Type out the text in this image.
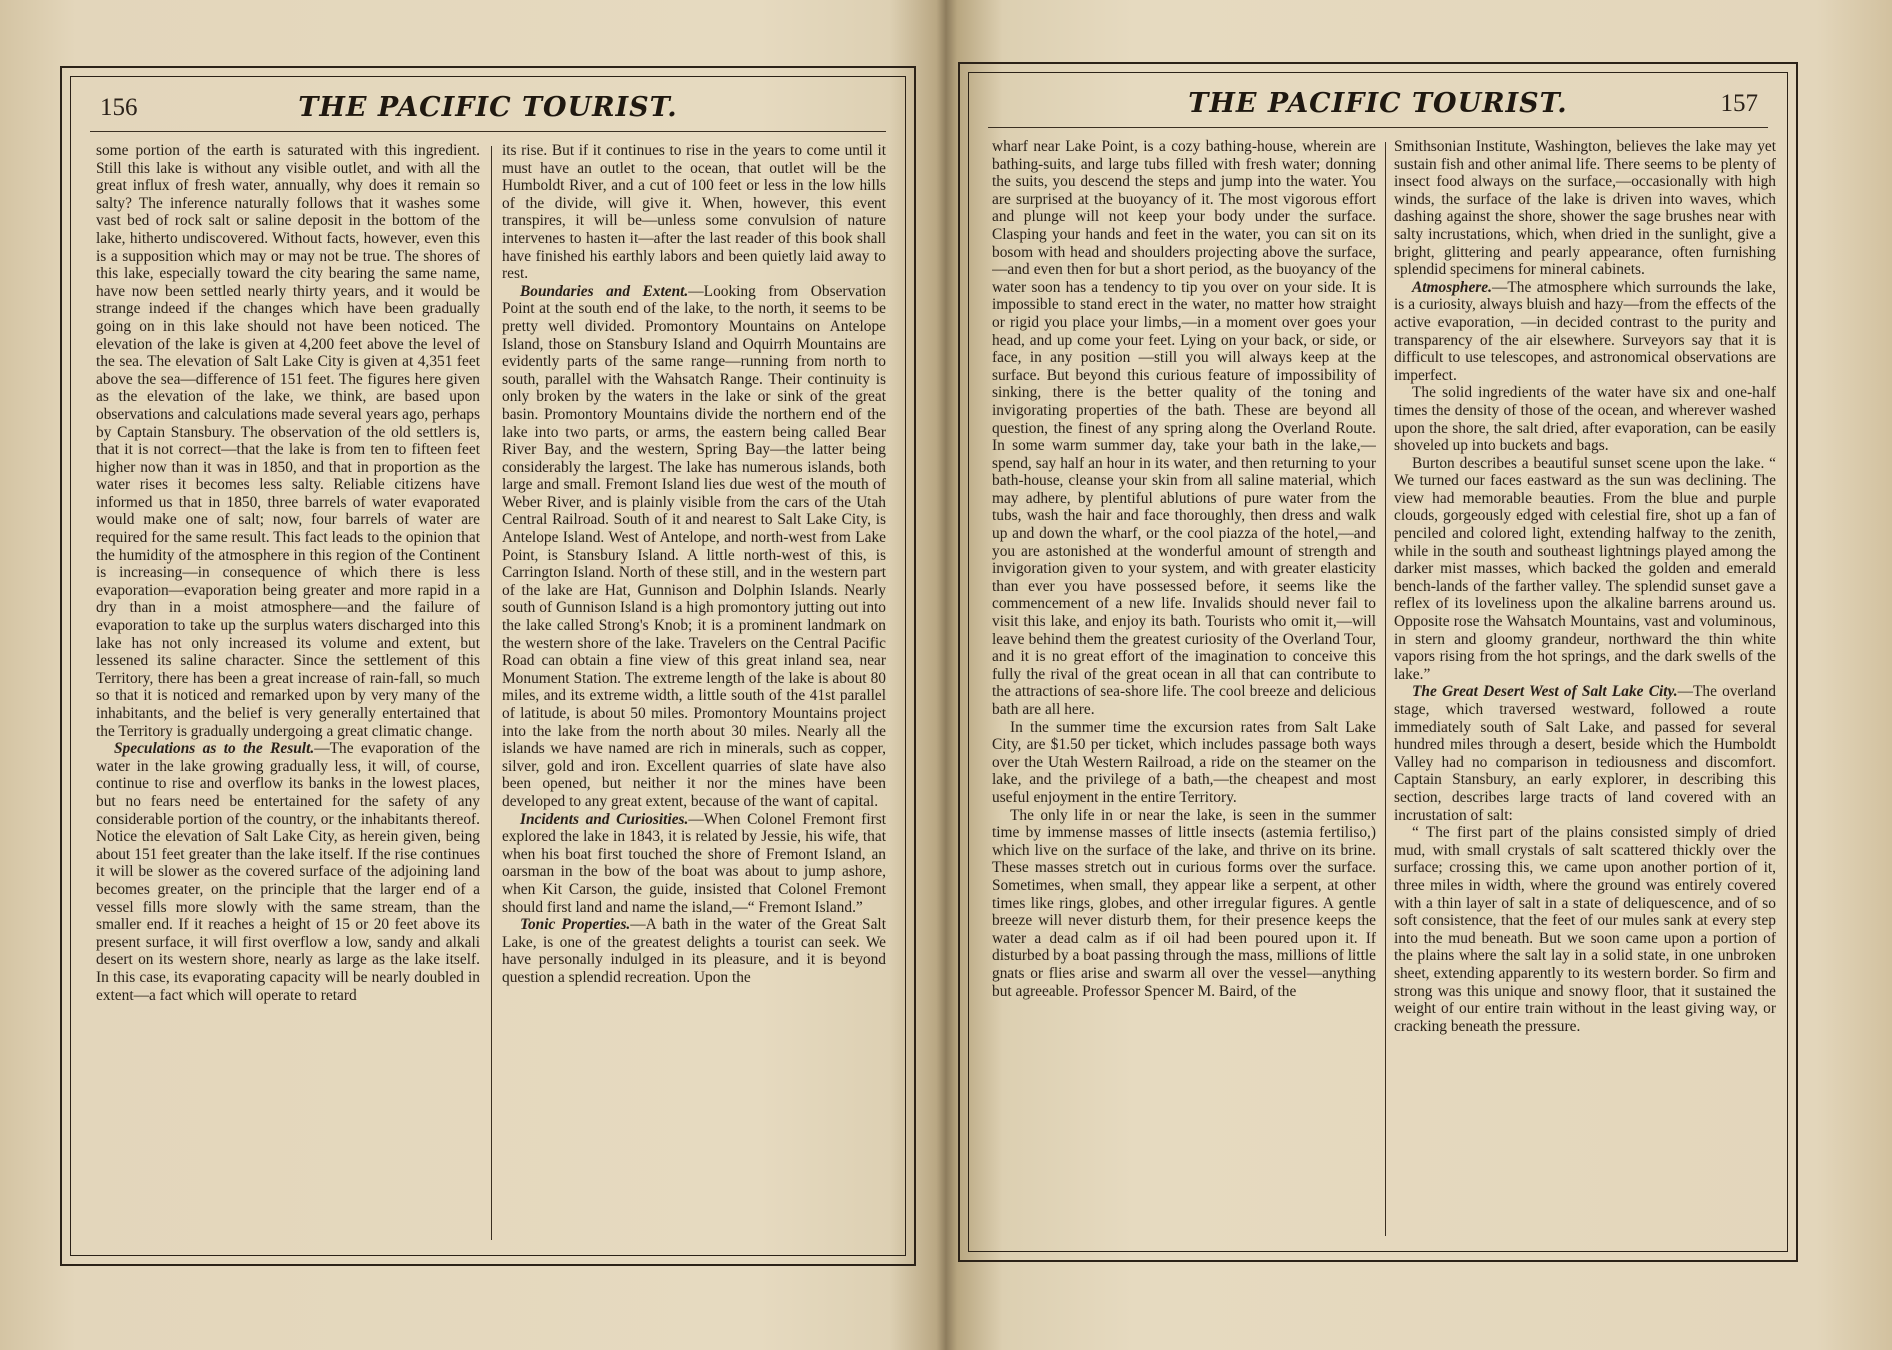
156	THE PACIFIC TOURIST.

some portion of the earth is saturated with this ingredient. Still this lake is without any visible outlet, and with all the great influx of fresh water, annually, why does it remain so salty? The inference naturally follows that it washes some vast bed of rock salt or saline deposit in the bottom of the lake, hitherto undiscovered. Without facts, however, even this is a supposition which may or may not be true. The shores of this lake, especially toward the city bearing the same name, have now been settled nearly thirty years, and it would be strange indeed if the changes which have been gradually going on in this lake should not have been noticed. The elevation of the lake is given at 4,200 feet above the level of the sea. The elevation of Salt Lake City is given at 4,351 feet above the sea—difference of 151 feet. The figures here given as the elevation of the lake, we think, are based upon observations and calculations made several years ago, perhaps by Captain Stansbury. The observation of the old settlers is, that it is not correct—that the lake is from ten to fifteen feet higher now than it was in 1850, and that in proportion as the water rises it becomes less salty. Reliable citizens have informed us that in 1850, three barrels of water evaporated would make one of salt; now, four barrels of water are required for the same result. This fact leads to the opinion that the humidity of the atmosphere in this region of the Continent is increasing—in consequence of which there is less evaporation—evaporation being greater and more rapid in a dry than in a moist atmosphere—and the failure of evaporation to take up the surplus waters discharged into this lake has not only increased its volume and extent, but lessened its saline character. Since the settlement of this Territory, there has been a great increase of rain-fall, so much so that it is noticed and remarked upon by very many of the inhabitants, and the belief is very generally entertained that the Territory is gradually undergoing a great climatic change.

Speculations as to the Result.—The evaporation of the water in the lake growing gradually less, it will, of course, continue to rise and overflow its banks in the lowest places, but no fears need be entertained for the safety of any considerable portion of the country, or the inhabitants thereof. Notice the elevation of Salt Lake City, as herein given, being about 151 feet greater than the lake itself. If the rise continues it will be slower as the covered surface of the adjoining land becomes greater, on the principle that the larger end of a vessel fills more slowly with the same stream, than the smaller end. If it reaches a height of 15 or 20 feet above its present surface, it will first overflow a low, sandy and alkali desert on its western shore, nearly as large as the lake itself. In this case, its evaporating capacity will be nearly doubled in extent—a fact which will operate to retard

its rise. But if it continues to rise in the years to come until it must have an outlet to the ocean, that outlet will be the Humboldt River, and a cut of 100 feet or less in the low hills of the divide, will give it. When, however, this event transpires, it will be—unless some convulsion of nature intervenes to hasten it—after the last reader of this book shall have finished his earthly labors and been quietly laid away to rest.

Boundaries and Extent.—Looking from Observation Point at the south end of the lake, to the north, it seems to be pretty well divided. Promontory Mountains on Antelope Island, those on Stansbury Island and Oquirrh Mountains are evidently parts of the same range—running from north to south, parallel with the Wahsatch Range. Their continuity is only broken by the waters in the lake or sink of the great basin. Promontory Mountains divide the northern end of the lake into two parts, or arms, the eastern being called Bear River Bay, and the western, Spring Bay—the latter being considerably the largest. The lake has numerous islands, both large and small. Fremont Island lies due west of the mouth of Weber River, and is plainly visible from the cars of the Utah Central Railroad. South of it and nearest to Salt Lake City, is Antelope Island. West of Antelope, and north-west from Lake Point, is Stansbury Island. A little north-west of this, is Carrington Island. North of these still, and in the western part of the lake are Hat, Gunnison and Dolphin Islands. Nearly south of Gunnison Island is a high promontory jutting out into the lake called Strong's Knob; it is a prominent landmark on the western shore of the lake. Travelers on the Central Pacific Road can obtain a fine view of this great inland sea, near Monument Station. The extreme length of the lake is about 80 miles, and its extreme width, a little south of the 41st parallel of latitude, is about 50 miles. Promontory Mountains project into the lake from the north about 30 miles. Nearly all the islands we have named are rich in minerals, such as copper, silver, gold and iron. Excellent quarries of slate have also been opened, but neither it nor the mines have been developed to any great extent, because of the want of capital.

Incidents and Curiosities.—When Colonel Fremont first explored the lake in 1843, it is related by Jessie, his wife, that when his boat first touched the shore of Fremont Island, an oarsman in the bow of the boat was about to jump ashore, when Kit Carson, the guide, insisted that Colonel Fremont should first land and name the island,—“ Fremont Island.”

Tonic Properties.—A bath in the water of the Great Salt Lake, is one of the greatest delights a tourist can seek. We have personally indulged in its pleasure, and it is beyond question a splendid recreation. Upon the

THE PACIFIC TOURIST.	157

wharf near Lake Point, is a cozy bathing-house, wherein are bathing-suits, and large tubs filled with fresh water; donning the suits, you descend the steps and jump into the water. You are surprised at the buoyancy of it. The most vigorous effort and plunge will not keep your body under the surface. Clasping your hands and feet in the water, you can sit on its bosom with head and shoulders projecting above the surface,—and even then for but a short period, as the buoyancy of the water soon has a tendency to tip you over on your side. It is impossible to stand erect in the water, no matter how straight or rigid you place your limbs,—in a moment over goes your head, and up come your feet. Lying on your back, or side, or face, in any position —still you will always keep at the surface. But beyond this curious feature of impossibility of sinking, there is the better quality of the toning and invigorating properties of the bath. These are beyond all question, the finest of any spring along the Overland Route. In some warm summer day, take your bath in the lake,—spend, say half an hour in its water, and then returning to your bath-house, cleanse your skin from all saline material, which may adhere, by plentiful ablutions of pure water from the tubs, wash the hair and face thoroughly, then dress and walk up and down the wharf, or the cool piazza of the hotel,—and you are astonished at the wonderful amount of strength and invigoration given to your system, and with greater elasticity than ever you have possessed before, it seems like the commencement of a new life. Invalids should never fail to visit this lake, and enjoy its bath. Tourists who omit it,—will leave behind them the greatest curiosity of the Overland Tour, and it is no great effort of the imagination to conceive this fully the rival of the great ocean in all that can contribute to the attractions of sea-shore life. The cool breeze and delicious bath are all here.

In the summer time the excursion rates from Salt Lake City, are $1.50 per ticket, which includes passage both ways over the Utah Western Railroad, a ride on the steamer on the lake, and the privilege of a bath,—the cheapest and most useful enjoyment in the entire Territory.

The only life in or near the lake, is seen in the summer time by immense masses of little insects (astemia fertiliso,) which live on the surface of the lake, and thrive on its brine. These masses stretch out in curious forms over the surface. Sometimes, when small, they appear like a serpent, at other times like rings, globes, and other irregular figures. A gentle breeze will never disturb them, for their presence keeps the water a dead calm as if oil had been poured upon it. If disturbed by a boat passing through the mass, millions of little gnats or flies arise and swarm all over the vessel—anything but agreeable. Professor Spencer M. Baird, of the

Smithsonian Institute, Washington, believes the lake may yet sustain fish and other animal life. There seems to be plenty of insect food always on the surface,—occasionally with high winds, the surface of the lake is driven into waves, which dashing against the shore, shower the sage brushes near with salty incrustations, which, when dried in the sunlight, give a bright, glittering and pearly appearance, often furnishing splendid specimens for mineral cabinets.

Atmosphere.—The atmosphere which surrounds the lake, is a curiosity, always bluish and hazy—from the effects of the active evaporation, —in decided contrast to the purity and transparency of the air elsewhere. Surveyors say that it is difficult to use telescopes, and astronomical observations are imperfect.

The solid ingredients of the water have six and one-half times the density of those of the ocean, and wherever washed upon the shore, the salt dried, after evaporation, can be easily shoveled up into buckets and bags.

Burton describes a beautiful sunset scene upon the lake. “ We turned our faces eastward as the sun was declining. The view had memorable beauties. From the blue and purple clouds, gorgeously edged with celestial fire, shot up a fan of penciled and colored light, extending halfway to the zenith, while in the south and southeast lightnings played among the darker mist masses, which backed the golden and emerald bench-lands of the farther valley. The splendid sunset gave a reflex of its loveliness upon the alkaline barrens around us. Opposite rose the Wahsatch Mountains, vast and voluminous, in stern and gloomy grandeur, northward the thin white vapors rising from the hot springs, and the dark swells of the lake.”

The Great Desert West of Salt Lake City.—The overland stage, which traversed westward, followed a route immediately south of Salt Lake, and passed for several hundred miles through a desert, beside which the Humboldt Valley had no comparison in tediousness and discomfort. Captain Stansbury, an early explorer, in describing this section, describes large tracts of land covered with an incrustation of salt:

“ The first part of the plains consisted simply of dried mud, with small crystals of salt scattered thickly over the surface; crossing this, we came upon another portion of it, three miles in width, where the ground was entirely covered with a thin layer of salt in a state of deliquescence, and of so soft consistence, that the feet of our mules sank at every step into the mud beneath. But we soon came upon a portion of the plains where the salt lay in a solid state, in one unbroken sheet, extending apparently to its western border. So firm and strong was this unique and snowy floor, that it sustained the weight of our entire train without in the least giving way, or cracking beneath the pressure.
